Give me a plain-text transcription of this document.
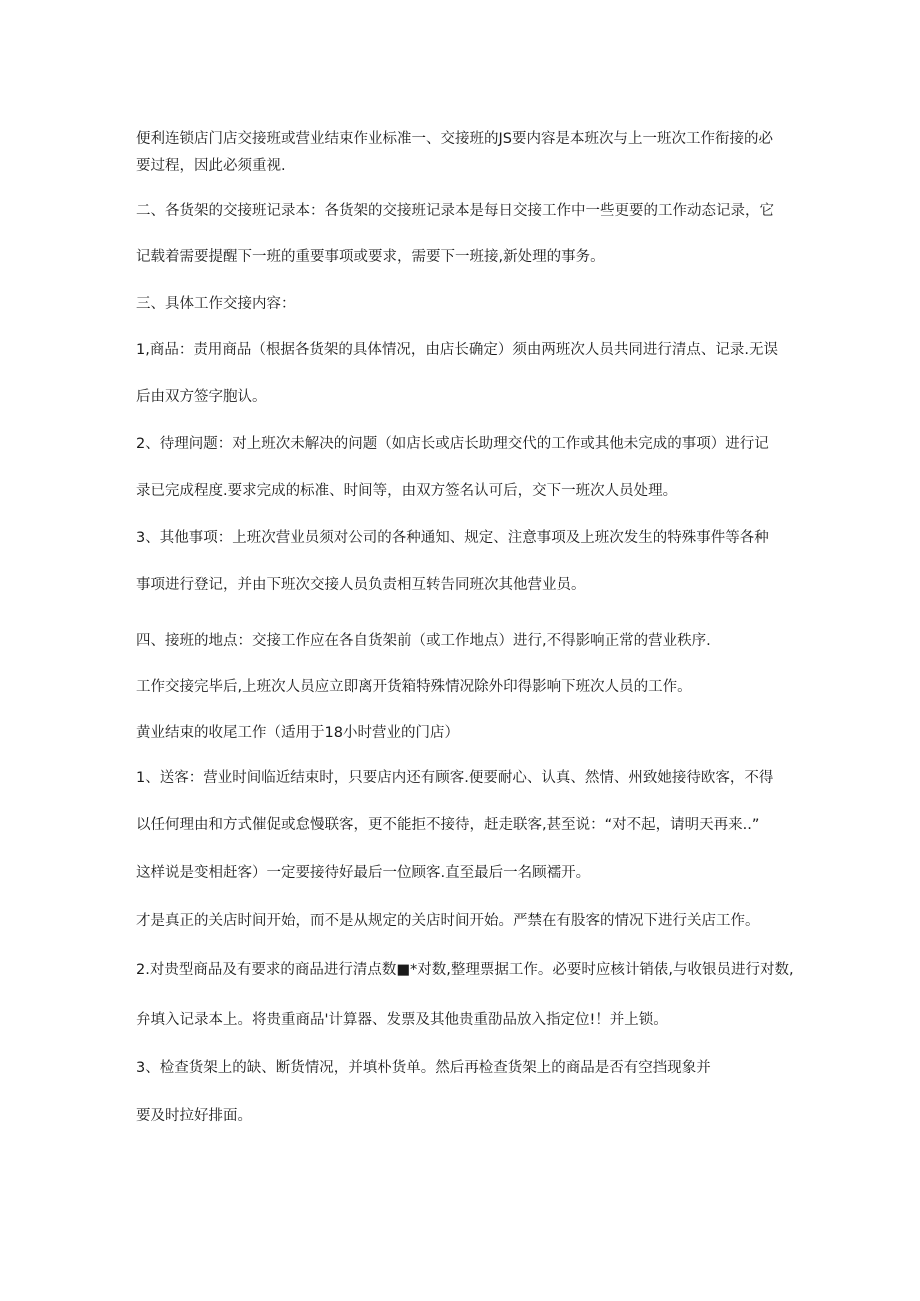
便利连锁店门店交接班或营业结束作业标准一、交接班的JS要内容是本班次与上一班次工作衔接的必
要过程，因此必须重视.
二、各货架的交接班记录本：各货架的交接班记录本是每日交接工作中一些更要的工作动态记录，它
记载着需要提醒下一班的重要事项或要求，需要下一班接,新处理的事务。
三、具体工作交接内容：
1,商品：责用商品（根据各货架的具体情况，由店长确定）须由两班次人员共同进行清点、记录.无误
后由双方签字胞认。
2、待理问题：对上班次未解决的问题（如店长或店长助理交代的工作或其他未完成的事项）进行记
录已完成程度.要求完成的标准、时间等，由双方签名认可后，交下一班次人员处理。
3、其他事项：上班次营业员须对公司的各种通知、规定、注意事项及上班次发生的特殊事件等各种
事项进行登记，并由下班次交接人员负责相互转告同班次其他营业员。
四、接班的地点：交接工作应在各自货架前（或工作地点）进行,不得影响正常的营业秩序.
工作交接完毕后,上班次人员应立即离开货箱特殊情况除外印得影响下班次人员的工作。
黄业结束的收尾工作（适用于18小时营业的门店）
1、送客：营业时间临近结束时，只要店内还有顾客.便要耐心、认真、然情、州致她接待欧客，不得
以任何理由和方式催促或怠慢联客，更不能拒不接待，赶走联客,甚至说：“对不起，请明天再来..”
这样说是变相赶客）一定要接待好最后一位顾客.直至最后一名顾襦开。
才是真正的关店时间开始，而不是从规定的关店时间开始。严禁在有股客的情况下进行关店工作。
2.对贵型商品及有要求的商品进行清点数■*对数,整理票据工作。必要时应核计销俵,与收银员进行对数,
弁填入记录本上。将贵重商品'计算器、发票及其他贵重劭品放入指定位!！并上锁。
3、检查货架上的缺、断货情况，并填朴货单。然后再检查货架上的商品是否有空挡现象并
要及时拉好排面。
